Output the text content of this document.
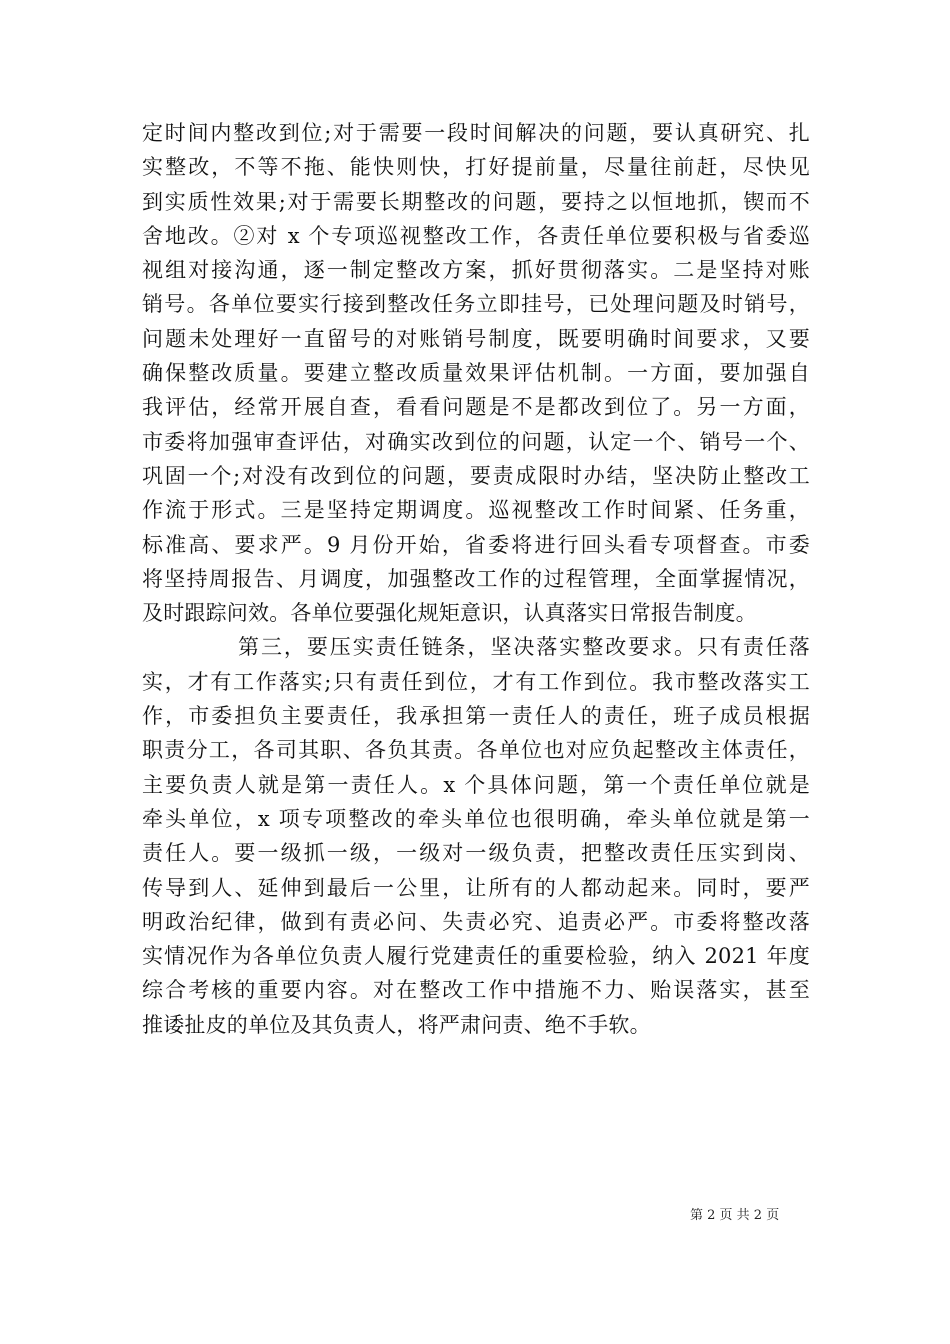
定时间内整改到位;对于需要一段时间解决的问题，要认真研究、扎
实整改，不等不拖、能快则快，打好提前量，尽量往前赶，尽快见
到实质性效果;对于需要长期整改的问题，要持之以恒地抓，锲而不
舍地改。②对 x 个专项巡视整改工作，各责任单位要积极与省委巡
视组对接沟通，逐一制定整改方案，抓好贯彻落实。二是坚持对账
销号。各单位要实行接到整改任务立即挂号，已处理问题及时销号，
问题未处理好一直留号的对账销号制度，既要明确时间要求，又要
确保整改质量。要建立整改质量效果评估机制。一方面，要加强自
我评估，经常开展自查，看看问题是不是都改到位了。另一方面，
市委将加强审查评估，对确实改到位的问题，认定一个、销号一个、
巩固一个;对没有改到位的问题，要责成限时办结，坚决防止整改工
作流于形式。三是坚持定期调度。巡视整改工作时间紧、任务重，
标准高、要求严。9 月份开始，省委将进行回头看专项督查。市委
将坚持周报告、月调度，加强整改工作的过程管理，全面掌握情况，
及时跟踪问效。各单位要强化规矩意识，认真落实日常报告制度。
第三，要压实责任链条，坚决落实整改要求。只有责任落
实，才有工作落实;只有责任到位，才有工作到位。我市整改落实工
作，市委担负主要责任，我承担第一责任人的责任，班子成员根据
职责分工，各司其职、各负其责。各单位也对应负起整改主体责任，
主要负责人就是第一责任人。x 个具体问题，第一个责任单位就是
牵头单位，x 项专项整改的牵头单位也很明确，牵头单位就是第一
责任人。要一级抓一级，一级对一级负责，把整改责任压实到岗、
传导到人、延伸到最后一公里，让所有的人都动起来。同时，要严
明政治纪律，做到有责必问、失责必究、追责必严。市委将整改落
实情况作为各单位负责人履行党建责任的重要检验，纳入 2021 年度
综合考核的重要内容。对在整改工作中措施不力、贻误落实，甚至
推诿扯皮的单位及其负责人，将严肃问责、绝不手软。
第 2 页 共 2 页
